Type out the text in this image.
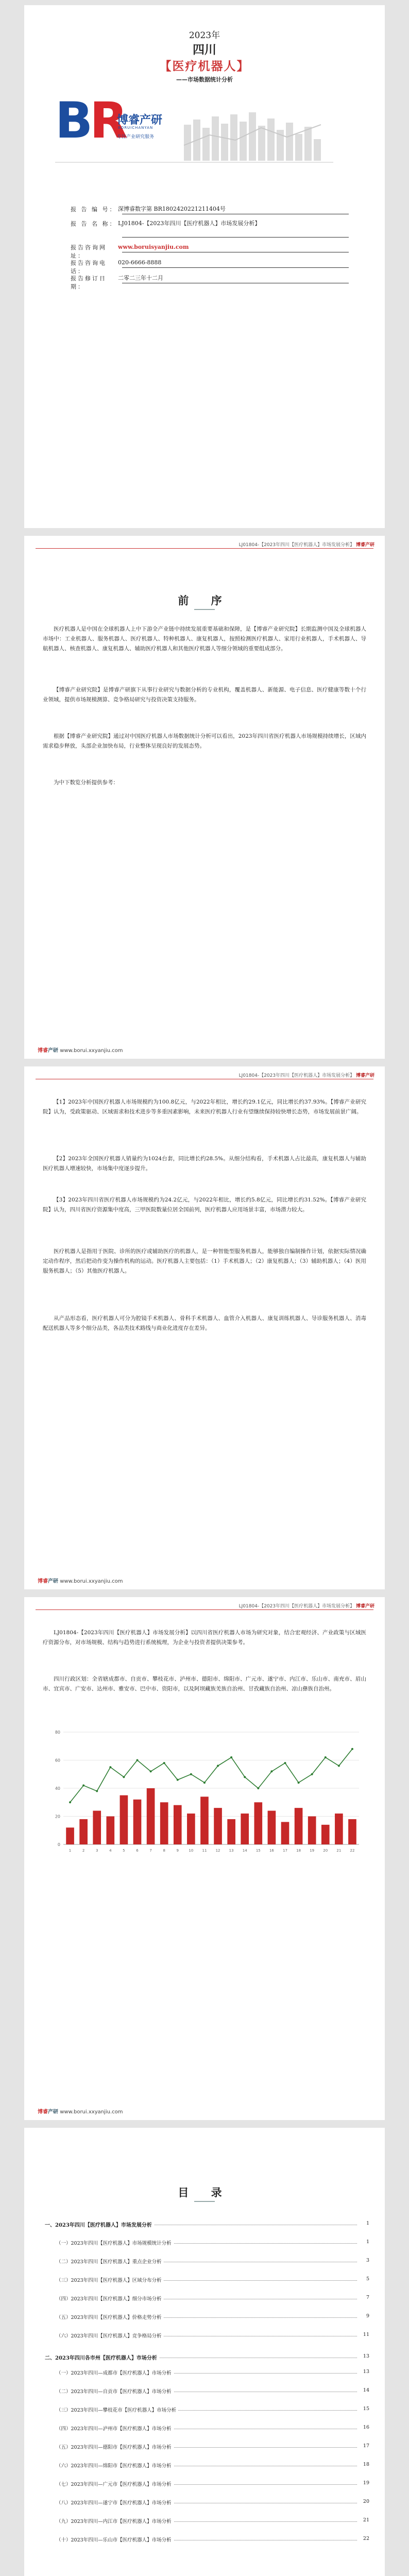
2023年
四川
【医疗机器人】
——市场数据统计分析
BR
博睿产研
BORUICHANYAN
专注产业研究服务
报 告 编 号： 深博睿数字第 BR1802420221211404号
报 告 名 称： LJ01804-【2023年四川【医疗机器人】市场发展分析】
报告咨询网址：www.boruisyanjiu.com
报告咨询电话：020-6666-8888
报告修订日期：二零二三年十二月
LJ01804-【2023年四川【医疗机器人】市场发展分析】 博睿产研
前 序

医疗机器人是中国在全球机器人上中下游全产业链中持续发展重要基础和保障，是【博睿产业研究院】长期监测中国及全球机器人市场中：工业机器人、服务机器人、医疗机器人、特种机器人、康复机器人，按照检测医疗机器人、家用行业机器人，手术机器人、导航机器人、核查机器人、康复机器人、辅助医疗机器人和其他医疗机器人等细分领域的重要组成部分。

【博睿产业研究院】是博睿产研旗下从事行业研究与数据分析的专业机构，覆盖机器人、新能源、电子信息、医疗健康等数十个行业领域，提供市场规模测算、竞争格局研究与投资决策支持服务。

根据【博睿产业研究院】通过对中国医疗机器人市场数据统计分析可以看出，2023年四川省医疗机器人市场规模持续增长，区域内需求稳步释放，头部企业加快布局，行业整体呈现良好的发展态势。

为中下数览分析提供参考：

博睿产研 www.borui.xxyanjiu.com
LJ01804-【2023年四川【医疗机器人】市场发展分析】 博睿产研

【1】2023年中国医疗机器人市场规模约为100.8亿元，与2022年相比，增长约29.1亿元，同比增长约37.93%。【博睿产业研究院】认为，受政策驱动、区域需求和技术进步等多重因素影响，未来医疗机器人行业有望继续保持较快增长态势，市场发展前景广阔。

【2】2023年全国医疗机器人销量约为1024台套，同比增长约28.5%。从细分结构看，手术机器人占比最高，康复机器人与辅助医疗机器人增速较快，市场集中度逐步提升。

【3】2023年四川省医疗机器人市场规模约为24.2亿元，与2022年相比，增长约5.8亿元，同比增长约31.52%。【博睿产业研究院】认为，四川省医疗资源集中度高，三甲医院数量位居全国前列，医疗机器人应用场景丰富，市场潜力较大。

医疗机器人是指用于医院、诊所的医疗或辅助医疗的机器人，是一种智能型服务机器人，能够独自编制操作计划，依据实际情况确定动作程序，然后把动作变为操作机构的运动。医疗机器人主要包括：（1）手术机器人；（2）康复机器人；（3）辅助机器人；（4）医用服务机器人；（5）其他医疗机器人。

从产品形态看，医疗机器人可分为腔镜手术机器人、骨科手术机器人、血管介入机器人、康复训练机器人、导诊服务机器人、消毒配送机器人等多个细分品类，各品类技术路线与商业化进度存在差异。

博睿产研 www.borui.xxyanjiu.com
LJ01804-【2023年四川【医疗机器人】市场发展分析】 博睿产研

LJ01804-【2023年四川【医疗机器人】市场发展分析】以四川省医疗机器人市场为研究对象，结合宏观经济、产业政策与区域医疗资源分布，对市场规模、结构与趋势进行系统梳理，为企业与投资者提供决策参考。

四川行政区划：全省辖成都市、自贡市、攀枝花市、泸州市、德阳市、绵阳市、广元市、遂宁市、内江市、乐山市、南充市、眉山市、宜宾市、广安市、达州市、雅安市、巴中市、资阳市，以及阿坝藏族羌族自治州、甘孜藏族自治州、凉山彝族自治州。

0
20
40
60
80
1	2	3	4	5	6	7	8	9	10 11 12 13 14 15 16 17 18 19 20 21 22
博睿产研 www.borui.xxyanjiu.com
目 录
一、2023年四川【医疗机器人】市场发展分析	1
（一）2023年四川【医疗机器人】市场规模统计分析	1
（二）2023年四川【医疗机器人】重点企业分析	3
（三）2023年四川【医疗机器人】区域分布分析	5
（四）2023年四川【医疗机器人】细分市场分析	7
（五）2023年四川【医疗机器人】价格走势分析	9
（六）2023年四川【医疗机器人】竞争格局分析	11
二、2023年四川各市州【医疗机器人】市场分析	13
（一）2023年四川—成都市【医疗机器人】市场分析	13
（二）2023年四川—自贡市【医疗机器人】市场分析	14
（三）2023年四川—攀枝花市【医疗机器人】市场分析	15
（四）2023年四川—泸州市【医疗机器人】市场分析	16
（五）2023年四川—德阳市【医疗机器人】市场分析	17
（六）2023年四川—绵阳市【医疗机器人】市场分析	18
（七）2023年四川—广元市【医疗机器人】市场分析	19
（八）2023年四川—遂宁市【医疗机器人】市场分析	20
（九）2023年四川—内江市【医疗机器人】市场分析	21
（十）2023年四川—乐山市【医疗机器人】市场分析	22
